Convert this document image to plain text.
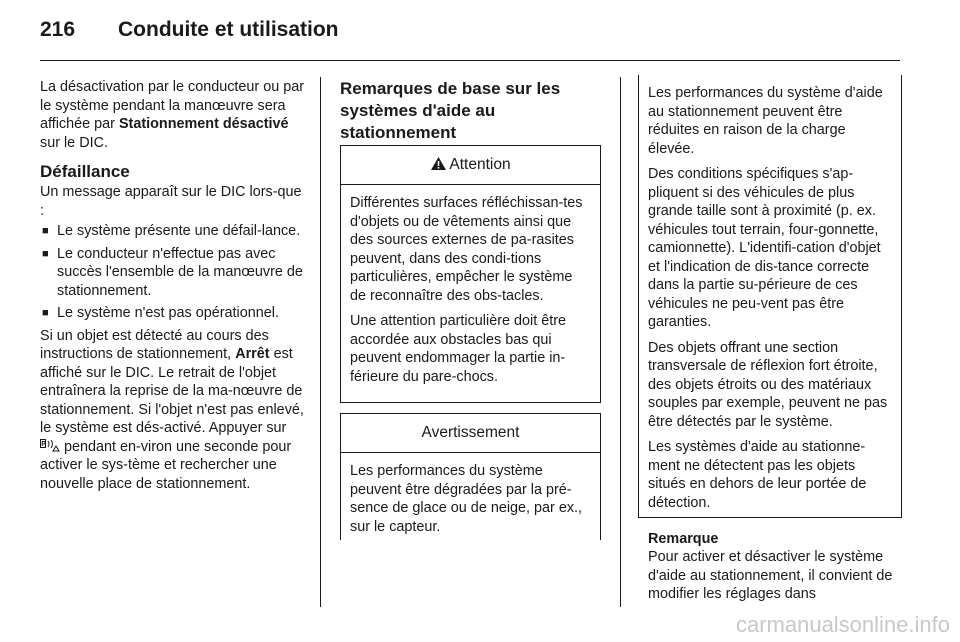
216 Conduite et utilisation

La désactivation par le conducteur ou par le système pendant la manœuvre sera affichée par Stationnement désactivé sur le DIC.

Défaillance

Un message apparaît sur le DIC lors-que :

■ Le système présente une défail-lance.
■ Le conducteur n'effectue pas avec succès l'ensemble de la manœuvre de stationnement.
■ Le système n'est pas opérationnel.

Si un objet est détecté au cours des instructions de stationnement, Arrêt est affiché sur le DIC. Le retrait de l'objet entraînera la reprise de la ma-nœuvre de stationnement. Si l'objet n'est pas enlevé, le système est dés-activé. Appuyer sur
P pendant en-viron une seconde pour activer le sys-tème et rechercher une nouvelle place de stationnement.

Remarques de base sur les systèmes d'aide au stationnement
Attention

Différentes surfaces réfléchissan-tes d'objets ou de vêtements ainsi que des sources externes de pa-rasites peuvent, dans des condi-tions particulières, empêcher le système de reconnaître des obs-tacles.

Une attention particulière doit être accordée aux obstacles bas qui peuvent endommager la partie in-férieure du pare-chocs.

Avertissement

Les performances du système peuvent être dégradées par la pré-sence de glace ou de neige, par ex., sur le capteur.

Les performances du système d'aide au stationnement peuvent être réduites en raison de la charge élevée.

Des conditions spécifiques s'ap-pliquent si des véhicules de plus grande taille sont à proximité (p. ex. véhicules tout terrain, four-gonnette, camionnette). L'identifi-cation d'objet et l'indication de dis-tance correcte dans la partie su-périeure de ces véhicules ne peu-vent pas être garanties.

Des objets offrant une section transversale de réflexion fort étroite, des objets étroits ou des matériaux souples par exemple, peuvent ne pas être détectés par le système.

Les systèmes d'aide au stationne-ment ne détectent pas les objets situés en dehors de leur portée de détection.

Remarque
Pour activer et désactiver le système d'aide au stationnement, il convient de modifier les réglages dans
carmanualsonline.info
